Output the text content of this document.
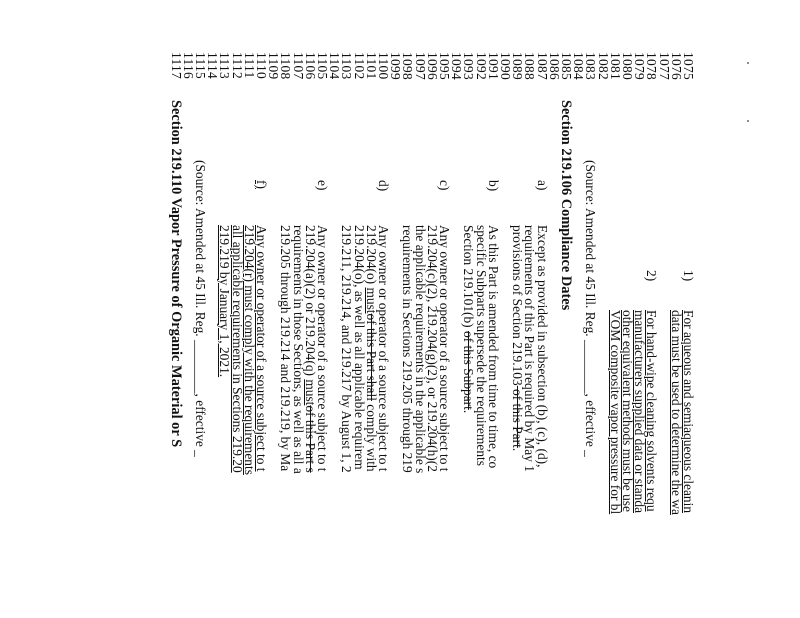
1075
1)
For aqueous and semiaqueous cleanin
1076
data must be used to determine the wa
1077
1078
2)
For hand-wipe cleaning solvents requ
1079
manufacturers supplied data or standa
1080
other equivalent methods must be use
1081
VOM composite vapor pressure for bl
1082
1083
(Source: Amended at 45 Ill. Reg. ________, effective _
1084
1085
Section 219.106 Compliance Dates
1086
1087
a)
Except as provided in subsection (b), (c), (d),
1088
requirements of this Part is required by May 1
1089
provisions of Section 219.103 of this Part.
1090
1091
b)
As this Part is amended from time to time, co
1092
specific Subparts supersede the requirements
1093
Section 219.101(b) of this Subpart.
1094
1095
c)
Any owner or operator of a source subject to t
1096
219.204(c)(2), 219.204(g)(2), or 219.204(h)(2
1097
the applicable requirements in the applicable s
1098
requirements in Sections 219.205 through 219
1099
1100
d)
Any owner or operator of a source subject to t
1101
219.204(o) mustof this Part shall comply with
1102
219.204(o), as well as all applicable requirem
1103
219.211, 219.214, and 219.217 by August 1, 2
1104
1105
e)
Any owner or operator of a source subject to t
1106
219.204(a)(2) or 219.204(q) mustof this Part s
1107
requirements in those Sections, as well as all a
1108
219.205 through 219.214 and 219.219, by Ma
1109
1110
f)
Any owner or operator of a source subject to t
1111
219.204(r) must comply with the requirements
1112
all applicable requirements in Sections 219.20
1113
219.219 by January 1, 2021.
1114
1115
(Source: Amended at 45 Ill. Reg. ________, effective _
1116
1117
Section 219.110 Vapor Pressure of Organic Material or S
